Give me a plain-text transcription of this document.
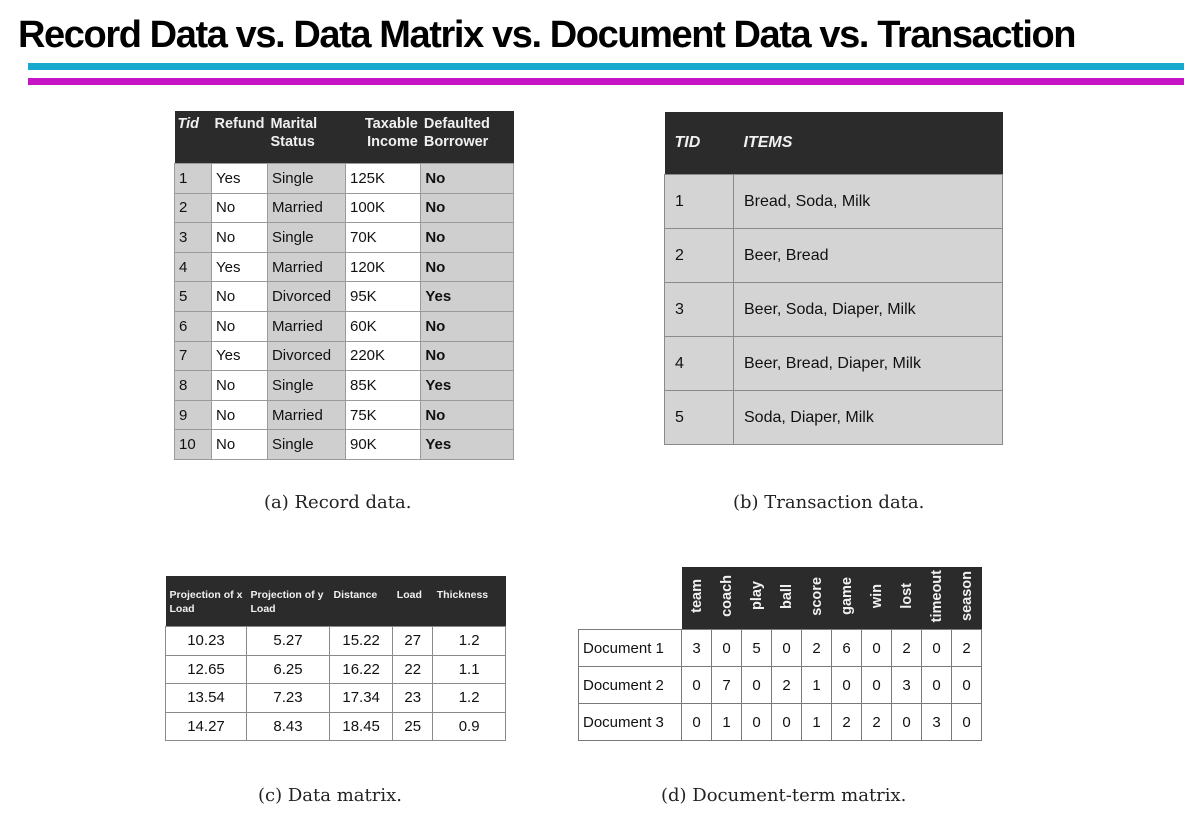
Record Data vs. Data Matrix vs. Document Data vs. Transaction
Tid	Refund	Marital Status	Taxable Income	Defaulted Borrower
1	Yes	Single	125K	No
2	No	Married	100K	No
3	No	Single	70K	No
4	Yes	Married	120K	No
5	No	Divorced	95K	Yes
6	No	Married	60K	No
7	Yes	Divorced	220K	No
8	No	Single	85K	Yes
9	No	Married	75K	No
10	No	Single	90K	Yes
(a) Record data.
TID	ITEMS
1	Bread, Soda, Milk
2	Beer, Bread
3	Beer, Soda, Diaper, Milk
4	Beer, Bread, Diaper, Milk
5	Soda, Diaper, Milk
(b) Transaction data.
Projection of x Load	Projection of y Load	Distance	Load	Thickness
10.23	5.27	15.22	27	1.2
12.65	6.25	16.22	22	1.1
13.54	7.23	17.34	23	1.2
14.27	8.43	18.45	25	0.9
(c) Data matrix.
	team	coach	play	ball	score	game	win	lost	timeout	season
Document 1	3	0	5	0	2	6	0	2	0	2
Document 2	0	7	0	2	1	0	0	3	0	0
Document 3	0	1	0	0	1	2	2	0	3	0
(d) Document-term matrix.
